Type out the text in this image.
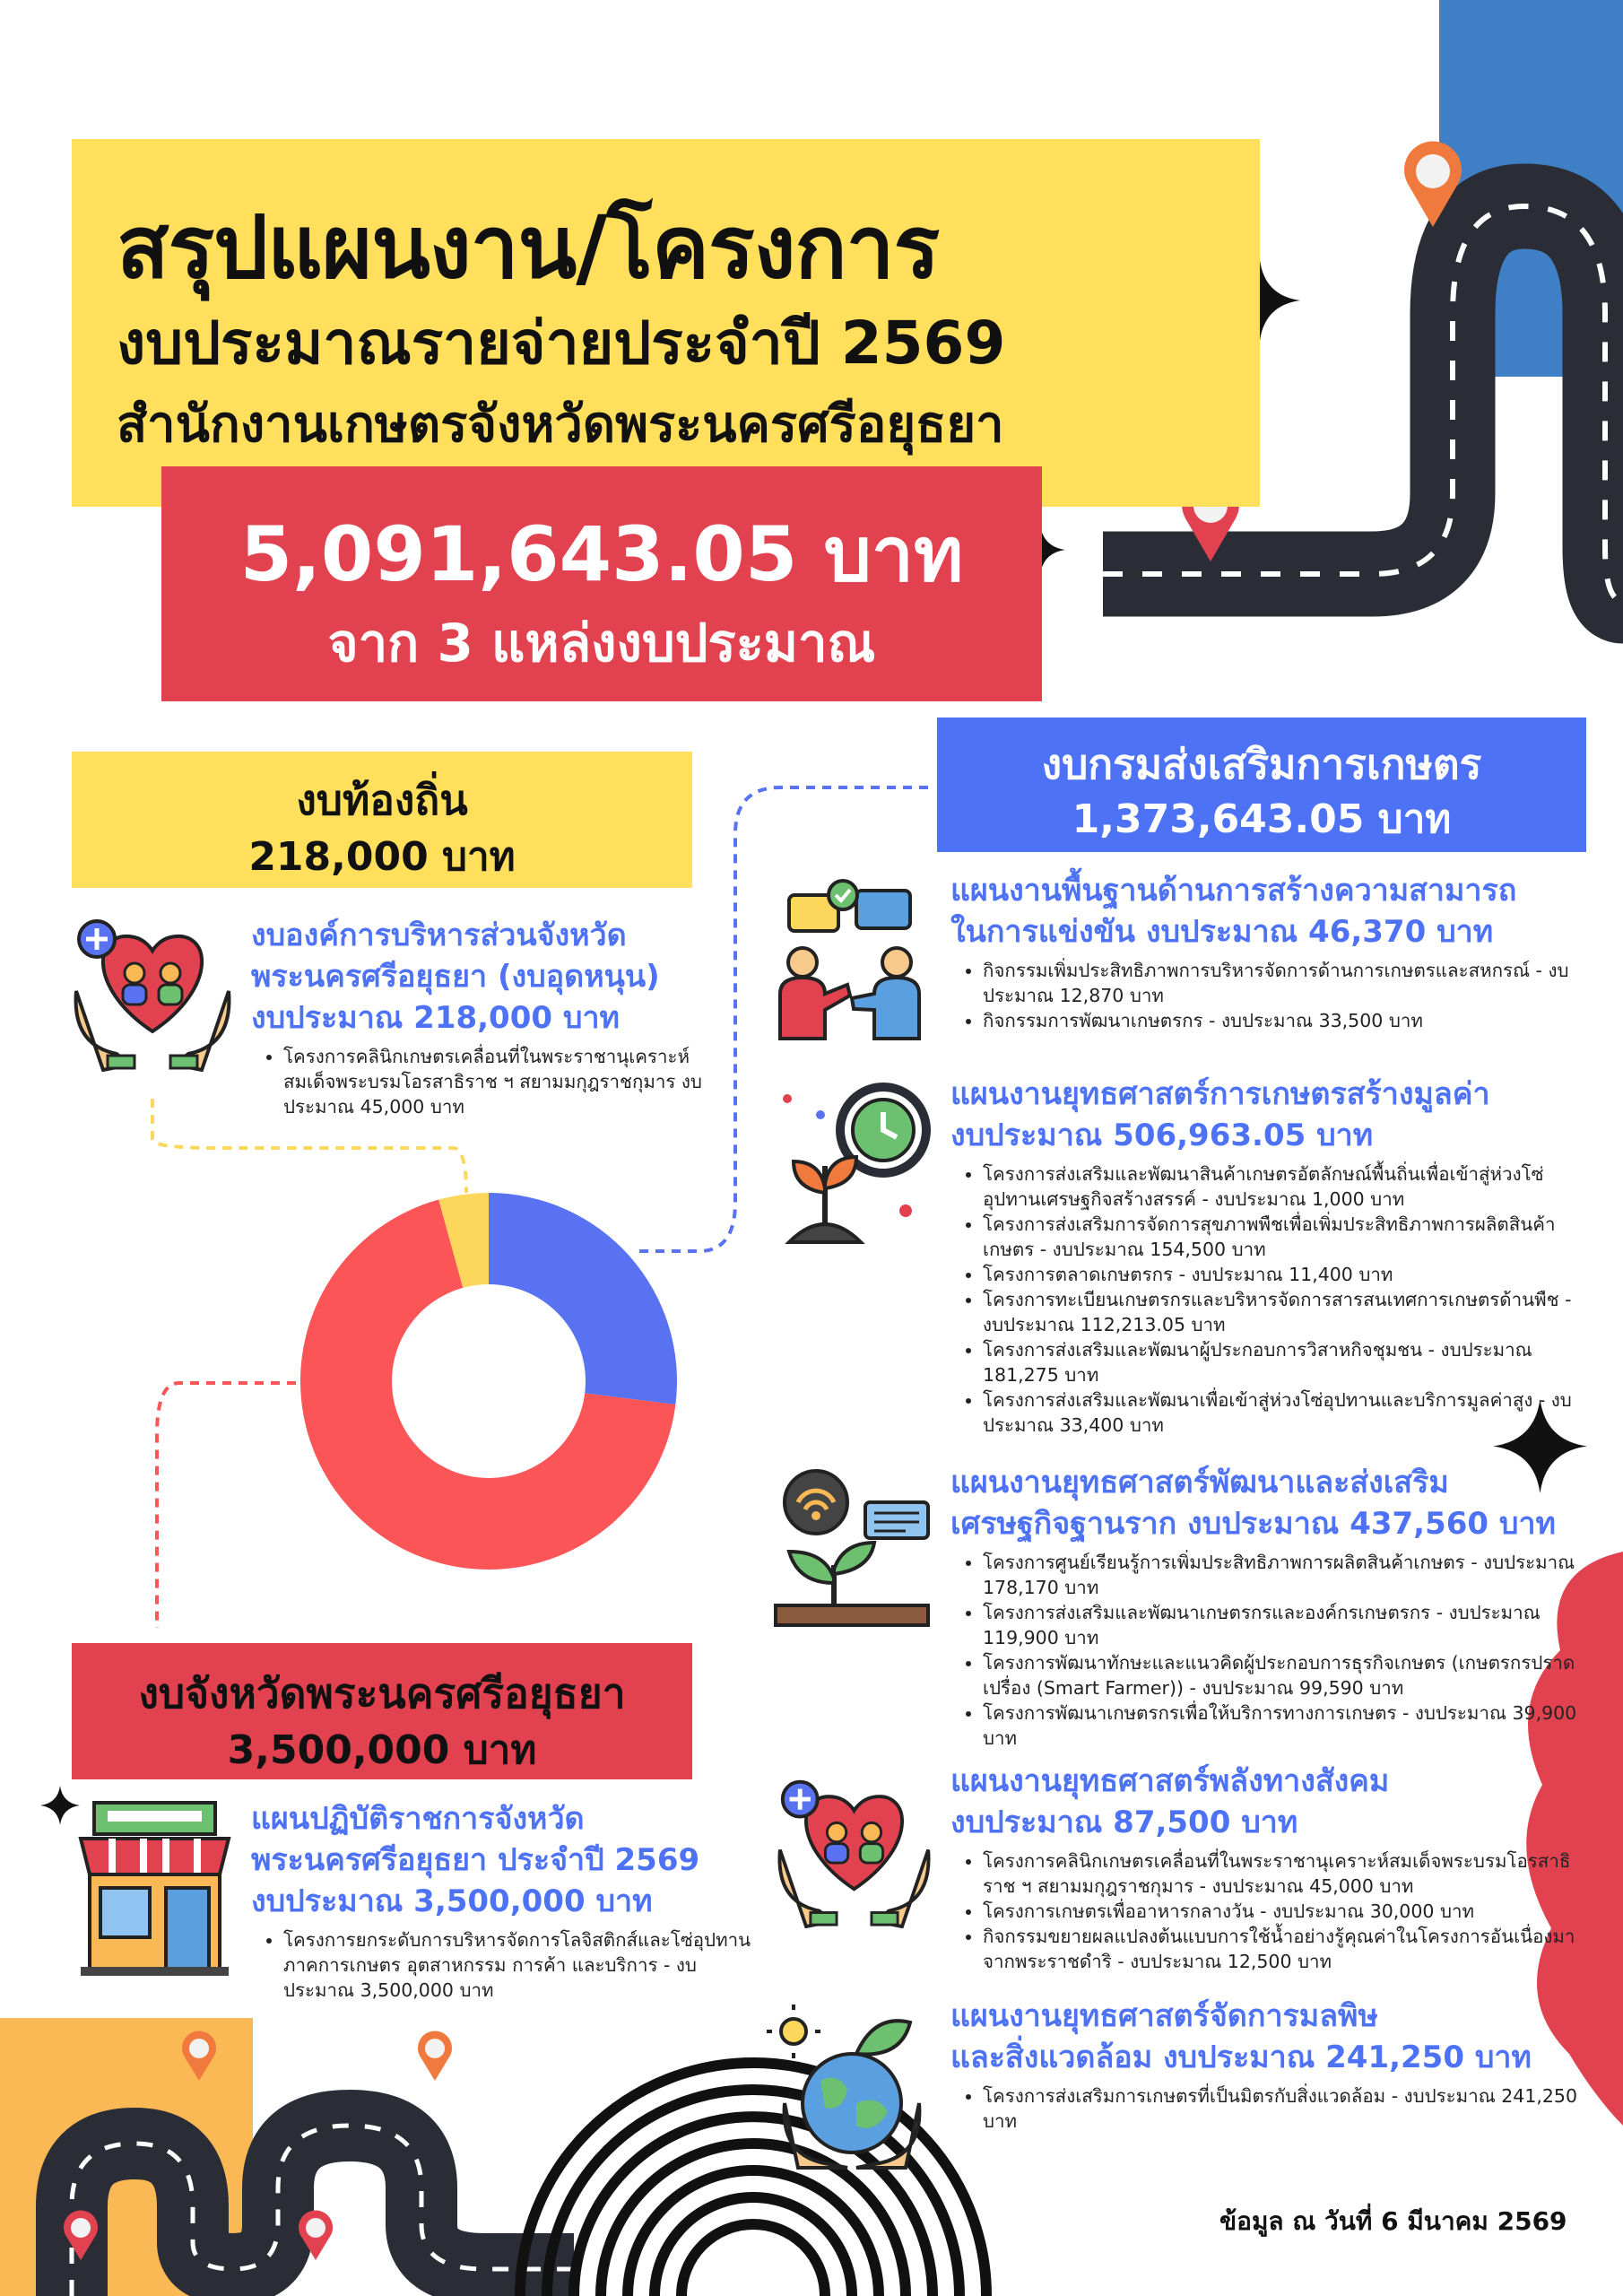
สรุปแผนงาน/โครงการ
งบประมาณรายจ่ายประจำปี 2569
สำนักงานเกษตรจังหวัดพระนครศรีอยุธยา
5,091,643.05 บาท
จาก 3 แหล่งงบประมาณ
งบท้องถิ่น
218,000 บาท
งบองค์การบริหารส่วนจังหวัด
พระนครศรีอยุธยา (งบอุดหนุน)
งบประมาณ 218,000 บาท
• โครงการคลินิกเกษตรเคลื่อนที่ในพระราชานุเคราะห์ สมเด็จพระบรมโอรสาธิราช ฯ สยามมกุฎราชกุมาร งบประมาณ 45,000 บาท
งบจังหวัดพระนครศรีอยุธยา
3,500,000 บาท
แผนปฏิบัติราชการจังหวัด
พระนครศรีอยุธยา ประจำปี 2569
งบประมาณ 3,500,000 บาท
• โครงการยกระดับการบริหารจัดการโลจิสติกส์และโซ่อุปทานภาคการเกษตร อุตสาหกรรม การค้า และบริการ - งบประมาณ 3,500,000 บาท
งบกรมส่งเสริมการเกษตร
1,373,643.05 บาท
แผนงานพื้นฐานด้านการสร้างความสามารถ
ในการแข่งขัน งบประมาณ 46,370 บาท
• กิจกรรมเพิ่มประสิทธิภาพการบริหารจัดการด้านการเกษตรและสหกรณ์ - งบประมาณ 12,870 บาท
• กิจกรรมการพัฒนาเกษตรกร - งบประมาณ 33,500 บาท
แผนงานยุทธศาสตร์การเกษตรสร้างมูลค่า
งบประมาณ 506,963.05 บาท
• โครงการส่งเสริมและพัฒนาสินค้าเกษตรอัตลักษณ์พื้นถิ่นเพื่อเข้าสู่ห่วงโซ่อุปทานเศรษฐกิจสร้างสรรค์ - งบประมาณ 1,000 บาท
• โครงการส่งเสริมการจัดการสุขภาพพืชเพื่อเพิ่มประสิทธิภาพการผลิตสินค้าเกษตร - งบประมาณ 154,500 บาท
• โครงการตลาดเกษตรกร - งบประมาณ 11,400 บาท
• โครงการทะเบียนเกษตรกรและบริหารจัดการสารสนเทศการเกษตรด้านพืช - งบประมาณ 112,213.05 บาท
• โครงการส่งเสริมและพัฒนาผู้ประกอบการวิสาหกิจชุมชน - งบประมาณ 181,275 บาท
• โครงการส่งเสริมและพัฒนาเพื่อเข้าสู่ห่วงโซ่อุปทานและบริการมูลค่าสูง - งบประมาณ 33,400 บาท
แผนงานยุทธศาสตร์พัฒนาและส่งเสริม
เศรษฐกิจฐานราก งบประมาณ 437,560 บาท
• โครงการศูนย์เรียนรู้การเพิ่มประสิทธิภาพการผลิตสินค้าเกษตร - งบประมาณ 178,170 บาท
• โครงการส่งเสริมและพัฒนาเกษตรกรและองค์กรเกษตรกร - งบประมาณ 119,900 บาท
• โครงการพัฒนาทักษะและแนวคิดผู้ประกอบการธุรกิจเกษตร (เกษตรกรปราดเปรื่อง (Smart Farmer)) - งบประมาณ 99,590 บาท
• โครงการพัฒนาเกษตรกรเพื่อให้บริการทางการเกษตร - งบประมาณ 39,900 บาท
แผนงานยุทธศาสตร์พลังทางสังคม
งบประมาณ 87,500 บาท
• โครงการคลินิกเกษตรเคลื่อนที่ในพระราชานุเคราะห์สมเด็จพระบรมโอรสาธิราช ฯ สยามมกุฎราชกุมาร - งบประมาณ 45,000 บาท
• โครงการเกษตรเพื่ออาหารกลางวัน - งบประมาณ 30,000 บาท
• กิจกรรมขยายผลแปลงต้นแบบการใช้น้ำอย่างรู้คุณค่าในโครงการอันเนื่องมาจากพระราชดำริ - งบประมาณ 12,500 บาท
แผนงานยุทธศาสตร์จัดการมลพิษ
และสิ่งแวดล้อม งบประมาณ 241,250 บาท
• โครงการส่งเสริมการเกษตรที่เป็นมิตรกับสิ่งแวดล้อม - งบประมาณ 241,250 บาท
ข้อมูล ณ วันที่ 6 มีนาคม 2569
